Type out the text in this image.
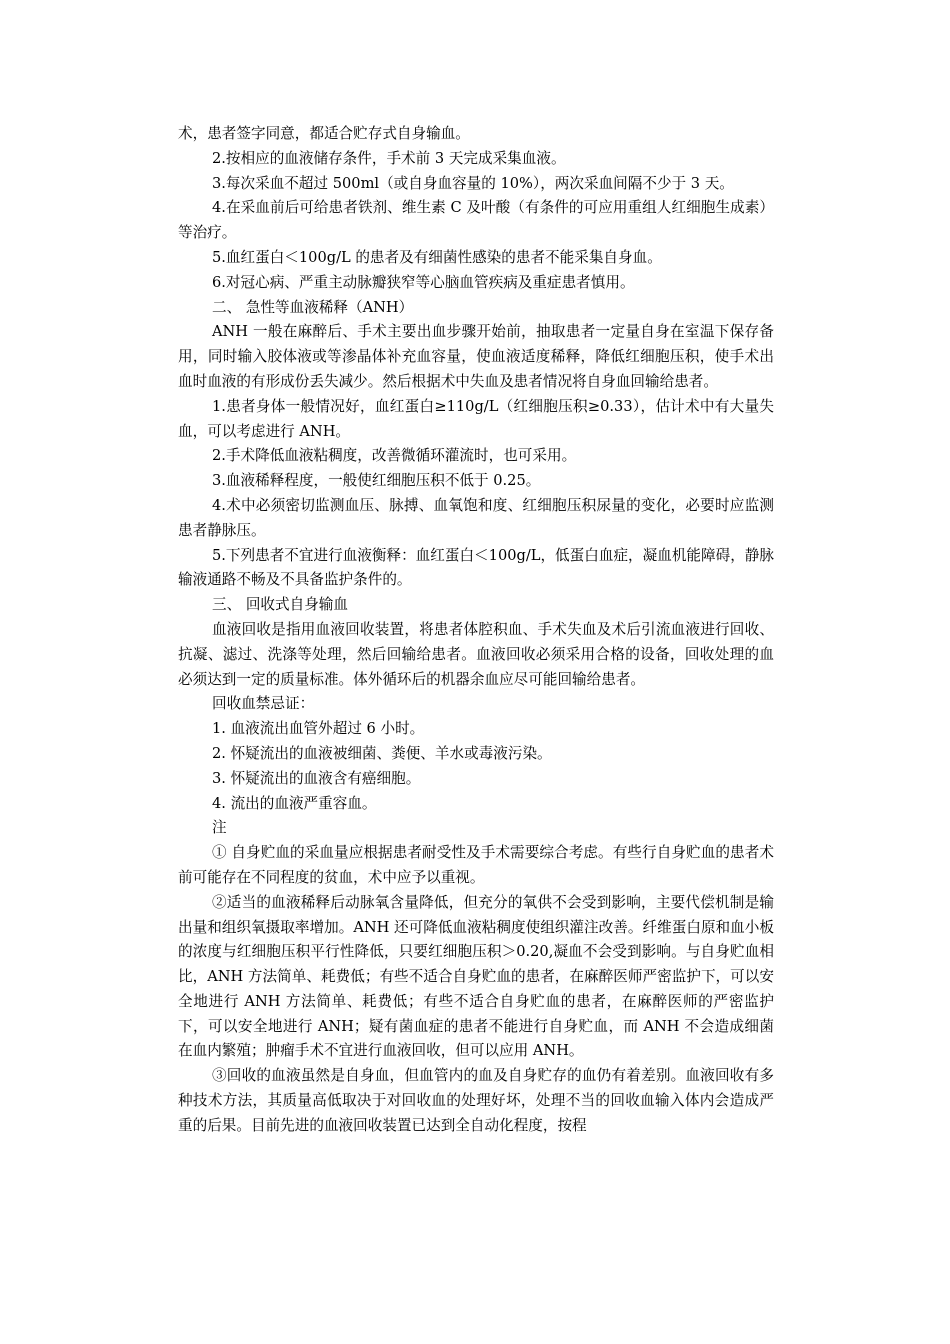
术，患者签字同意，都适合贮存式自身输血。

2.按相应的血液储存条件，手术前 3 天完成采集血液。

3.每次采血不超过 500ml（或自身血容量的 10%），两次采血间隔不少于 3 天。

4.在采血前后可给患者铁剂、维生素 C 及叶酸（有条件的可应用重组人红细胞生成素）等治疗。

5.血红蛋白＜100g/L 的患者及有细菌性感染的患者不能采集自身血。

6.对冠心病、严重主动脉瓣狭窄等心脑血管疾病及重症患者慎用。

二、 急性等血液稀释（ANH）

ANH 一般在麻醉后、手术主要出血步骤开始前，抽取患者一定量自身在室温下保存备用，同时输入胶体液或等渗晶体补充血容量，使血液适度稀释，降低红细胞压积，使手术出血时血液的有形成份丢失减少。然后根据术中失血及患者情况将自身血回输给患者。

1.患者身体一般情况好，血红蛋白≥110g/L（红细胞压积≥0.33），估计术中有大量失血，可以考虑进行 ANH。

2.手术降低血液粘稠度，改善微循环灌流时，也可采用。

3.血液稀释程度，一般使红细胞压积不低于 0.25。

4.术中必须密切监测血压、脉搏、血氧饱和度、红细胞压积尿量的变化，必要时应监测患者静脉压。

5.下列患者不宜进行血液衡释：血红蛋白＜100g/L，低蛋白血症，凝血机能障碍，静脉输液通路不畅及不具备监护条件的。

三、 回收式自身输血

血液回收是指用血液回收装置，将患者体腔积血、手术失血及术后引流血液进行回收、抗凝、滤过、洗涤等处理，然后回输给患者。血液回收必须采用合格的设备，回收处理的血必须达到一定的质量标准。体外循环后的机器余血应尽可能回输给患者。

回收血禁忌证：

1. 血液流出血管外超过 6 小时。

2. 怀疑流出的血液被细菌、粪便、羊水或毒液污染。

3. 怀疑流出的血液含有癌细胞。

4. 流出的血液严重容血。

注

① 自身贮血的采血量应根据患者耐受性及手术需要综合考虑。有些行自身贮血的患者术前可能存在不同程度的贫血，术中应予以重视。

②适当的血液稀释后动脉氧含量降低，但充分的氧供不会受到影响，主要代偿机制是输出量和组织氧摄取率增加。ANH 还可降低血液粘稠度使组织灌注改善。纤维蛋白原和血小板的浓度与红细胞压积平行性降低，只要红细胞压积＞0.20,凝血不会受到影响。与自身贮血相比，ANH 方法简单、耗费低；有些不适合自身贮血的患者，在麻醉医师严密监护下，可以安全地进行 ANH 方法简单、耗费低；有些不适合自身贮血的患者，在麻醉医师的严密监护下，可以安全地进行 ANH；疑有菌血症的患者不能进行自身贮血，而 ANH 不会造成细菌在血内繁殖；肿瘤手术不宜进行血液回收，但可以应用 ANH。

③回收的血液虽然是自身血，但血管内的血及自身贮存的血仍有着差别。血液回收有多种技术方法，其质量高低取决于对回收血的处理好坏，处理不当的回收血输入体内会造成严重的后果。目前先进的血液回收装置已达到全自动化程度，按程
